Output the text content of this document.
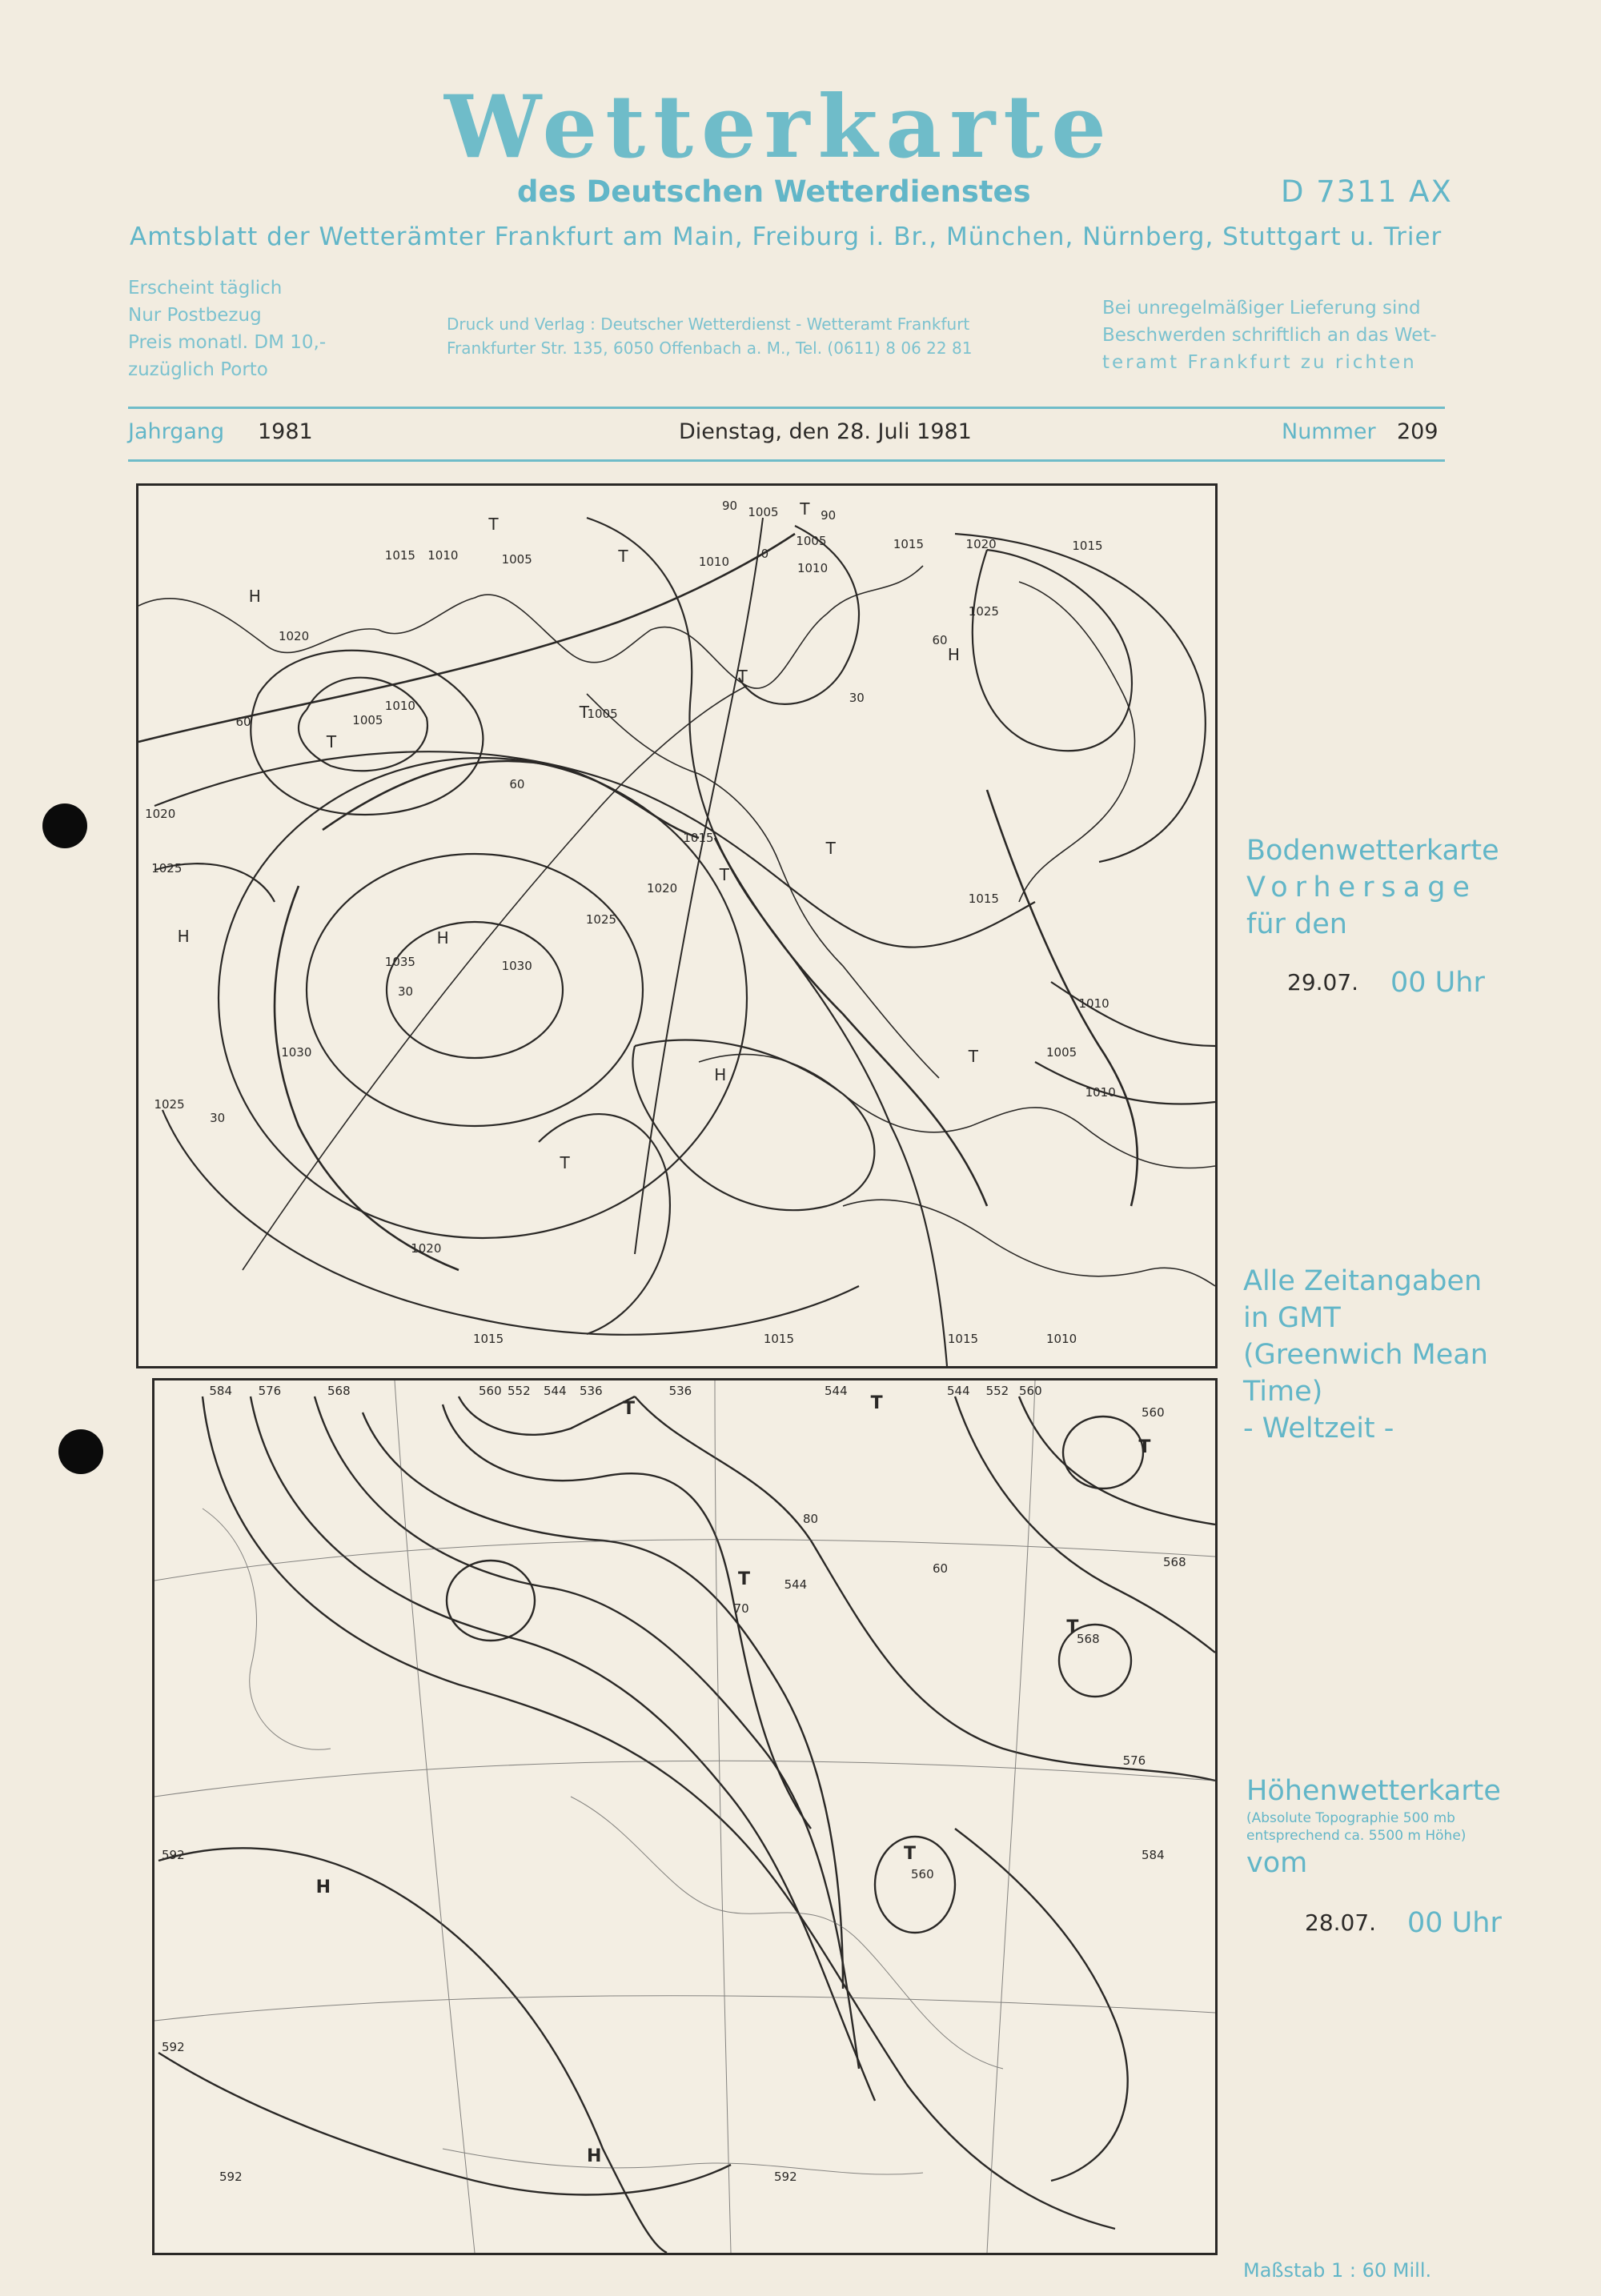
Wetterkarte
des Deutschen Wetterdienstes	D 7311 AX
Amtsblatt der Wetterämter Frankfurt am Main, Freiburg i. Br., München, Nürnberg, Stuttgart u. Trier
Erscheint täglich
Nur Postbezug
Preis monatl. DM 10,-
zuzüglich Porto
Druck und Verlag : Deutscher Wetterdienst - Wetteramt Frankfurt
Frankfurter Str. 135, 6050 Offenbach a. M., Tel. (0611) 8 06 22 81
Bei unregelmäßiger Lieferung sind
Beschwerden schriftlich an das Wet-
teramt Frankfurt zu richten
Jahrgang 1981	Dienstag, den 28. Juli 1981	Nummer 209
1005
1005
1015 1010	1010
1005
1010
1015	1020	1015
1025
1020
1010
1005	1005
1020
1025
1015
1020
1025
1035	1030
1015
1030
1025
1010
1005
1010
1020
1015	1015	1015	1010
60
60
60
30
30
30
90
90
0
H
H	H
H
H
T
T
T
T
T
T
T
T
T
T
Bodenwetterkarte
Vorhersage
für den
29.07. 00 Uhr
Alle Zeitangaben
in GMT
(Greenwich Mean
Time)
- Weltzeit -
584 576	568	560 552 544 536	536	544	544 552 560
560
568
568
544
576
584
560
592
592
592	592
80
70
60
T	T
T
T
T
T
H
H
Höhenwetterkarte
(Absolute Topographie 500 mb
entsprechend ca. 5500 m Höhe)
vom
28.07. 00 Uhr
Maßstab 1 : 60 Mill.
